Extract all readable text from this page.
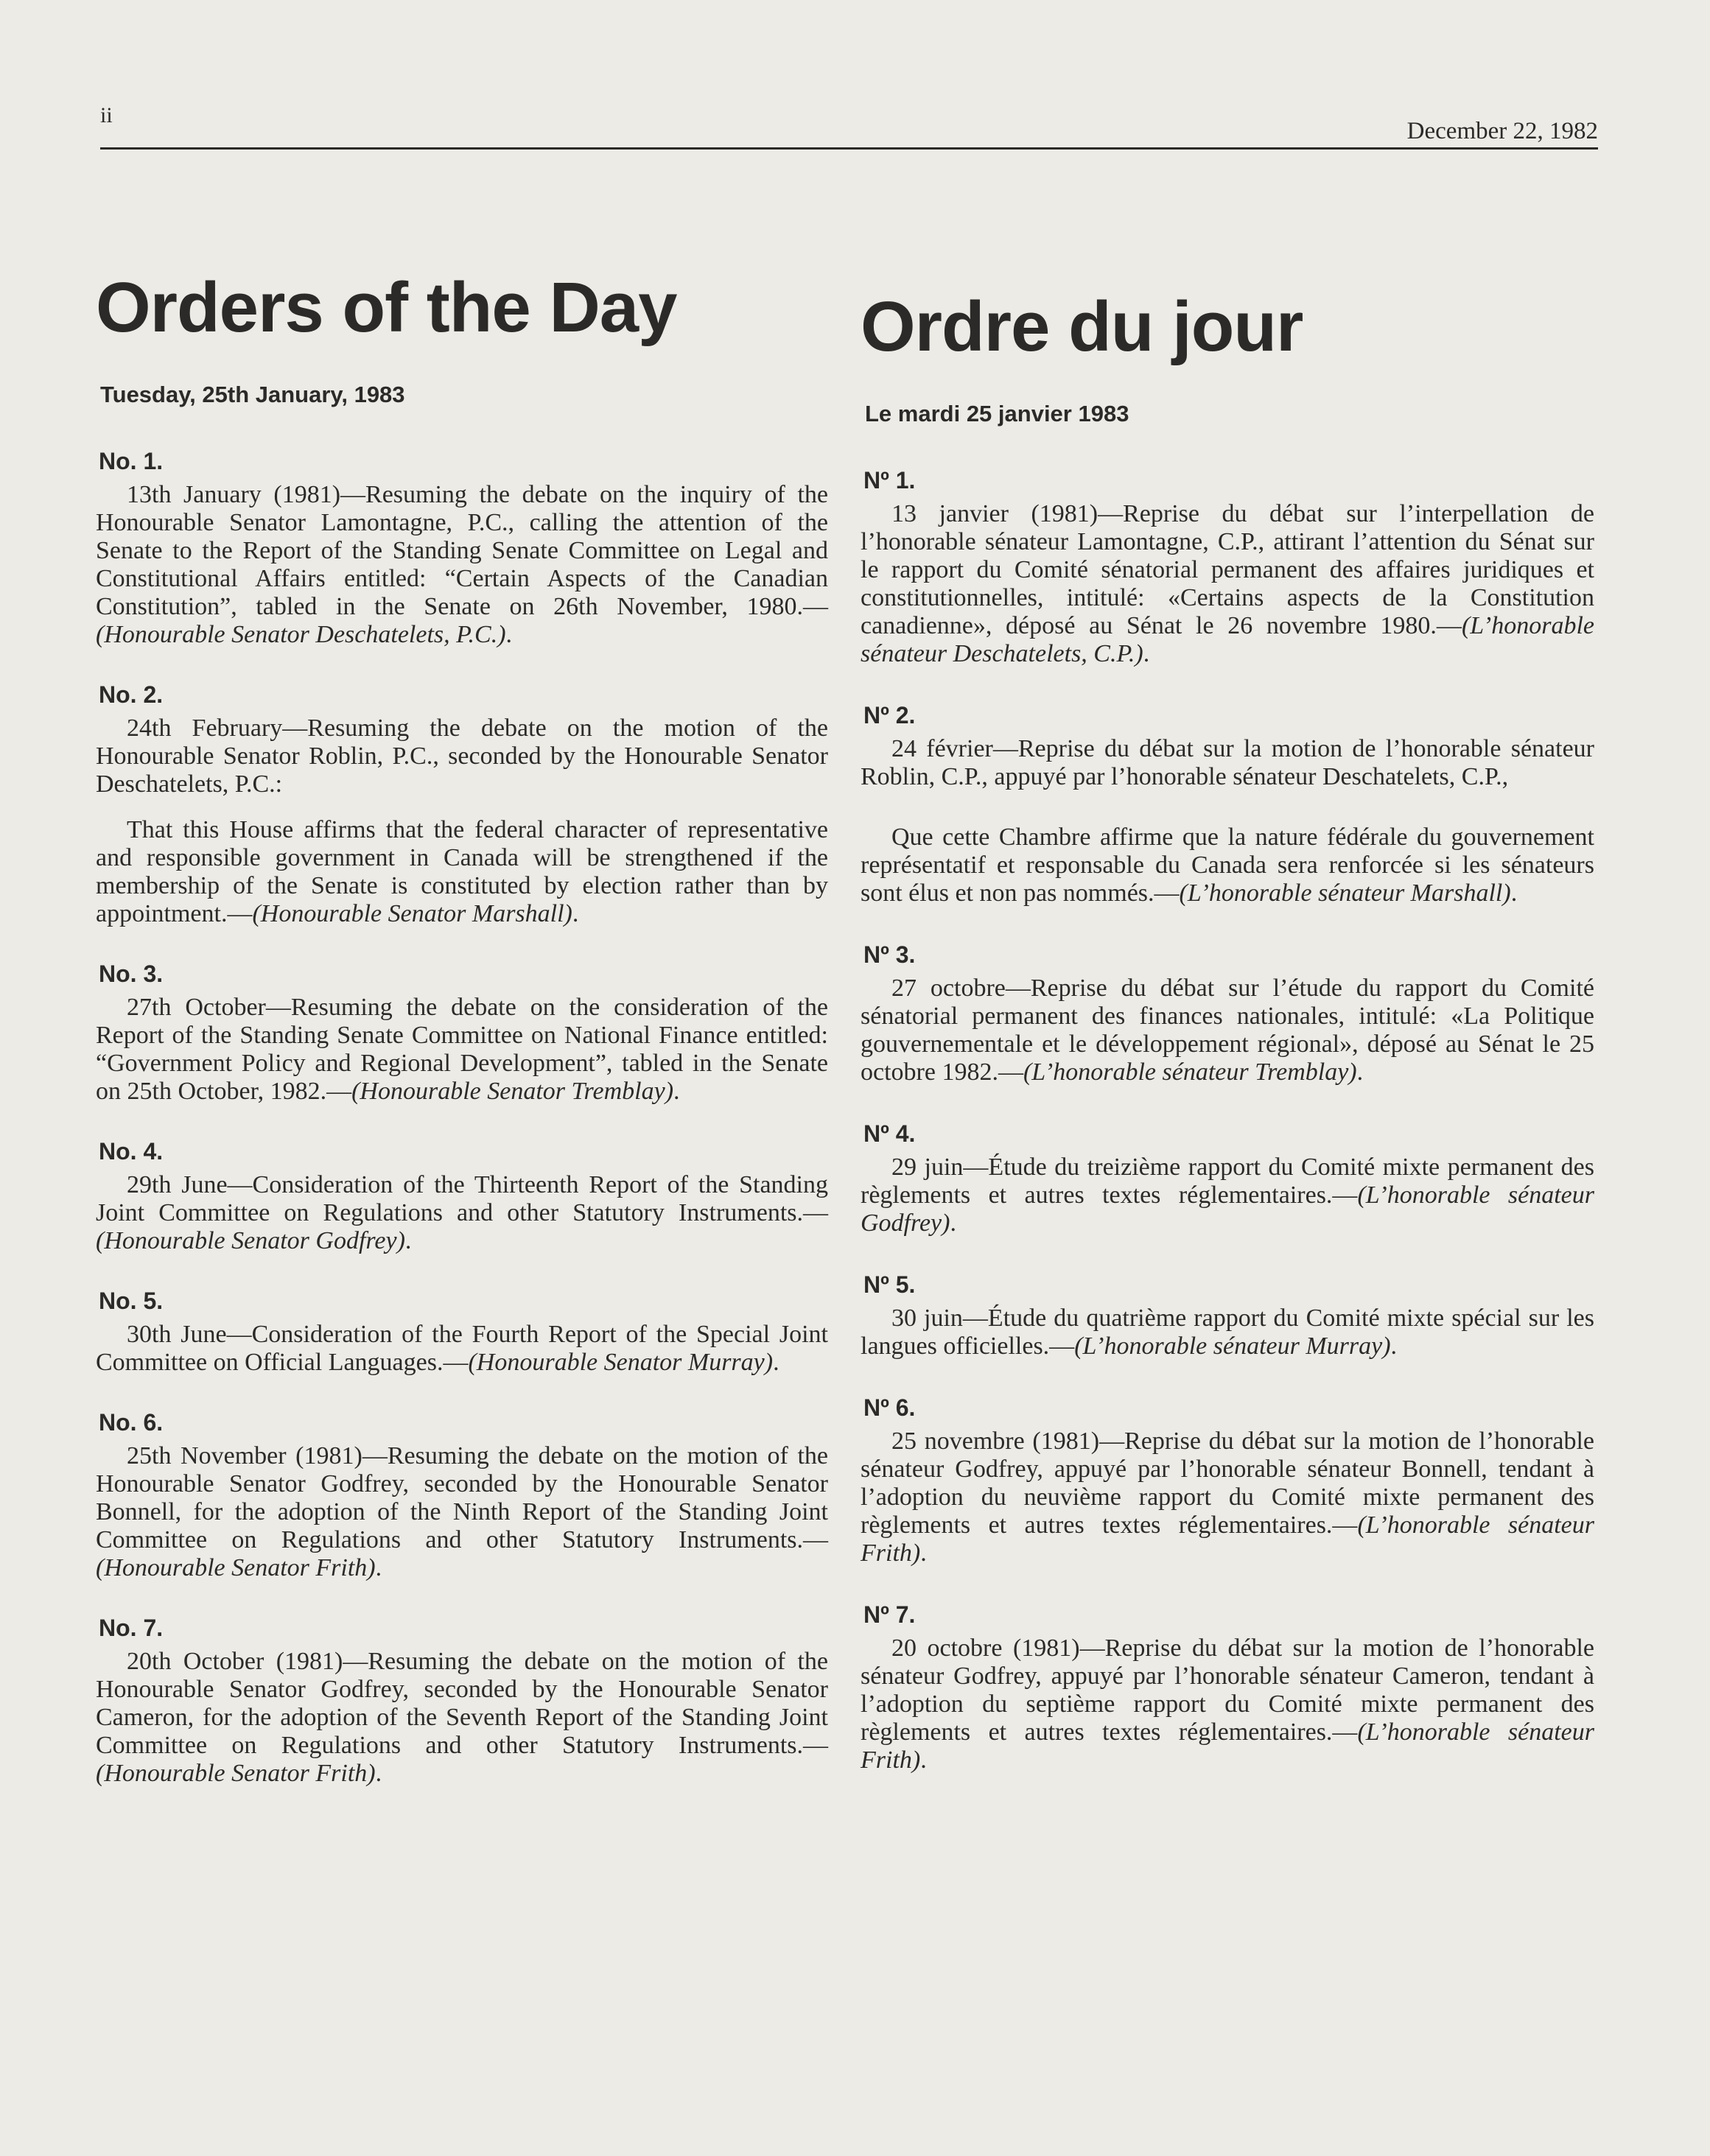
ii
December 22, 1982
Orders of the Day
Tuesday, 25th January, 1983
No. 1.

13th January (1981)—Resuming the debate on the inquiry of the Honourable Senator Lamontagne, P.C., calling the attention of the Senate to the Report of the Standing Senate Committee on Legal and Constitutional Affairs entitled: “Certain Aspects of the Canadian Constitution”, tabled in the Senate on 26th November, 1980.—(Honourable Senator Deschatelets, P.C.).

No. 2.

24th February—Resuming the debate on the motion of the Honourable Senator Roblin, P.C., seconded by the Honourable Senator Deschatelets, P.C.:

That this House affirms that the federal character of representative and responsible government in Canada will be strengthened if the membership of the Senate is constituted by election rather than by appointment.—(Honourable Senator Marshall).

No. 3.

27th October—Resuming the debate on the consideration of the Report of the Standing Senate Committee on National Finance entitled: “Government Policy and Regional Development”, tabled in the Senate on 25th October, 1982.—(Honourable Senator Tremblay).

No. 4.

29th June—Consideration of the Thirteenth Report of the Standing Joint Committee on Regulations and other Statutory Instruments.—(Honourable Senator Godfrey).

No. 5.

30th June—Consideration of the Fourth Report of the Special Joint Committee on Official Languages.—(Honourable Senator Murray).

No. 6.

25th November (1981)—Resuming the debate on the motion of the Honourable Senator Godfrey, seconded by the Honourable Senator Bonnell, for the adoption of the Ninth Report of the Standing Joint Committee on Regulations and other Statutory Instruments.—(Honourable Senator Frith).

No. 7.

20th October (1981)—Resuming the debate on the motion of the Honourable Senator Godfrey, seconded by the Honourable Senator Cameron, for the adoption of the Seventh Report of the Standing Joint Committee on Regulations and other Statutory Instruments.—(Honourable Senator Frith).

Ordre du jour
Le mardi 25 janvier 1983
Nº 1.

13 janvier (1981)—Reprise du débat sur l’interpellation de l’honorable sénateur Lamontagne, C.P., attirant l’attention du Sénat sur le rapport du Comité sénatorial permanent des affaires juridiques et constitutionnelles, intitulé: «Certains aspects de la Constitution canadienne», déposé au Sénat le 26 novembre 1980.—(L’honorable sénateur Deschatelets, C.P.).

Nº 2.

24 février—Reprise du débat sur la motion de l’honorable sénateur Roblin, C.P., appuyé par l’honorable sénateur Deschatelets, C.P.,

Que cette Chambre affirme que la nature fédérale du gouvernement représentatif et responsable du Canada sera renforcée si les sénateurs sont élus et non pas nommés.—(L’honorable sénateur Marshall).

Nº 3.

27 octobre—Reprise du débat sur l’étude du rapport du Comité sénatorial permanent des finances nationales, intitulé: «La Politique gouvernementale et le développement régional», déposé au Sénat le 25 octobre 1982.—(L’honorable sénateur Tremblay).

Nº 4.

29 juin—Étude du treizième rapport du Comité mixte permanent des règlements et autres textes réglementaires.—(L’honorable sénateur Godfrey).

Nº 5.

30 juin—Étude du quatrième rapport du Comité mixte spécial sur les langues officielles.—(L’honorable sénateur Murray).

Nº 6.

25 novembre (1981)—Reprise du débat sur la motion de l’honorable sénateur Godfrey, appuyé par l’honorable sénateur Bonnell, tendant à l’adoption du neuvième rapport du Comité mixte permanent des règlements et autres textes réglementaires.—(L’honorable sénateur Frith).

Nº 7.

20 octobre (1981)—Reprise du débat sur la motion de l’honorable sénateur Godfrey, appuyé par l’honorable sénateur Cameron, tendant à l’adoption du septième rapport du Comité mixte permanent des règlements et autres textes réglementaires.—(L’honorable sénateur Frith).
